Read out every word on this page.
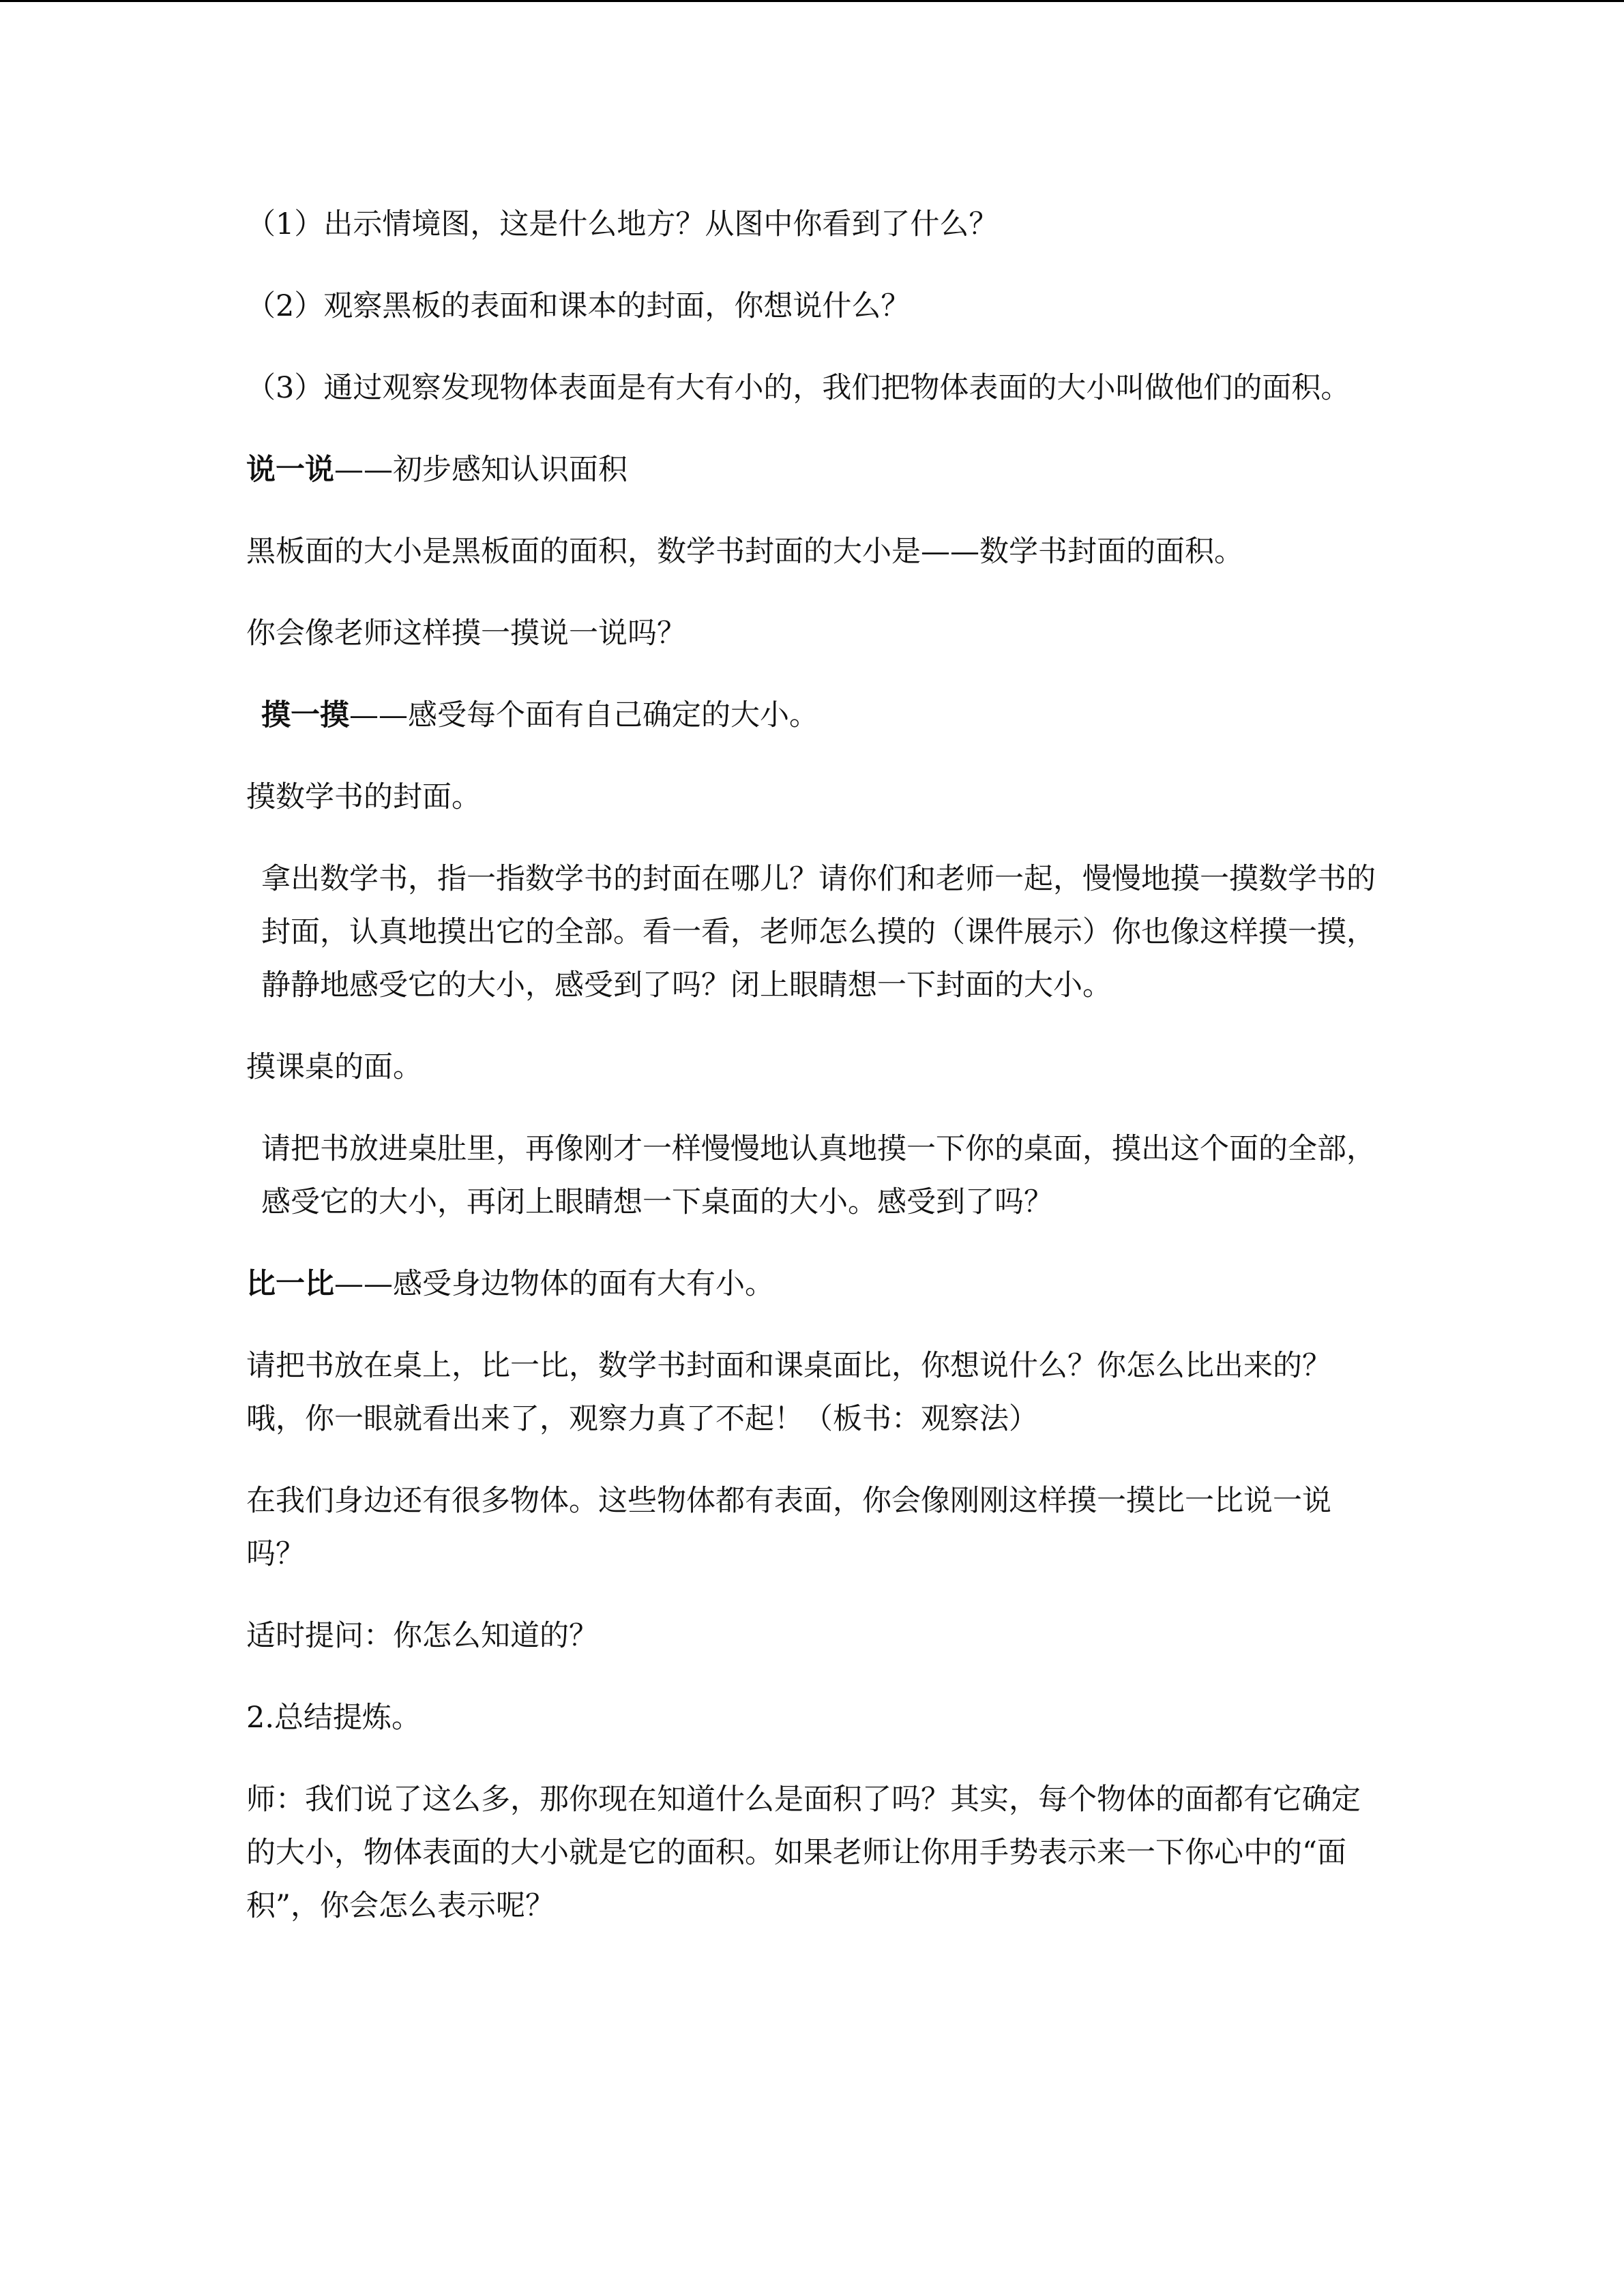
（1）出示情境图，这是什么地方？从图中你看到了什么？

（2）观察黑板的表面和课本的封面，你想说什么？

（3）通过观察发现物体表面是有大有小的，我们把物体表面的大小叫做他们的面积。

说一说——初步感知认识面积

黑板面的大小是黑板面的面积，数学书封面的大小是——数学书封面的面积。

你会像老师这样摸一摸说一说吗？

摸一摸——感受每个面有自己确定的大小。

摸数学书的封面。

拿出数学书，指一指数学书的封面在哪儿？请你们和老师一起，慢慢地摸一摸数学书的封面，认真地摸出它的全部。看一看，老师怎么摸的（课件展示）你也像这样摸一摸，静静地感受它的大小，感受到了吗？闭上眼睛想一下封面的大小。

摸课桌的面。

请把书放进桌肚里，再像刚才一样慢慢地认真地摸一下你的桌面，摸出这个面的全部，感受它的大小，再闭上眼睛想一下桌面的大小。感受到了吗？

比一比——感受身边物体的面有大有小。

请把书放在桌上，比一比，数学书封面和课桌面比，你想说什么？你怎么比出来的？哦，你一眼就看出来了，观察力真了不起！（板书：观察法）

在我们身边还有很多物体。这些物体都有表面，你会像刚刚这样摸一摸比一比说一说吗？

适时提问：你怎么知道的？

2.总结提炼。

师：我们说了这么多，那你现在知道什么是面积了吗？其实，每个物体的面都有它确定的大小，物体表面的大小就是它的面积。如果老师让你用手势表示来一下你心中的“面积”，你会怎么表示呢？
